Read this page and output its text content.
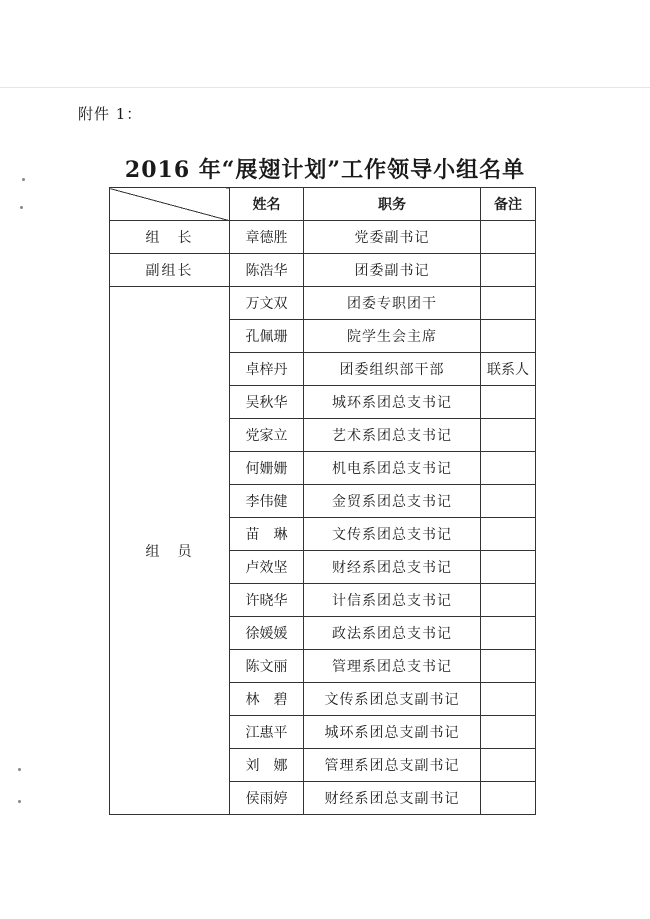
附件 1：
2016 年“展翅计划”工作领导小组名单
	姓名	职务	备注
组　长	章德胜	党委副书记	
副组长	陈浩华	团委副书记	
组　员	万文双	团委专职团干	
	孔佩珊	院学生会主席	
	卓梓丹	团委组织部干部	联系人
	吴秋华	城环系团总支书记	
	党家立	艺术系团总支书记	
	何姗姗	机电系团总支书记	
	李伟健	金贸系团总支书记	
	苗　琳	文传系团总支书记	
	卢效坚	财经系团总支书记	
	许晓华	计信系团总支书记	
	徐媛媛	政法系团总支书记	
	陈文丽	管理系团总支书记	
	林　碧	文传系团总支副书记	
	江惠平	城环系团总支副书记	
	刘　娜	管理系团总支副书记	
	侯雨婷	财经系团总支副书记	
